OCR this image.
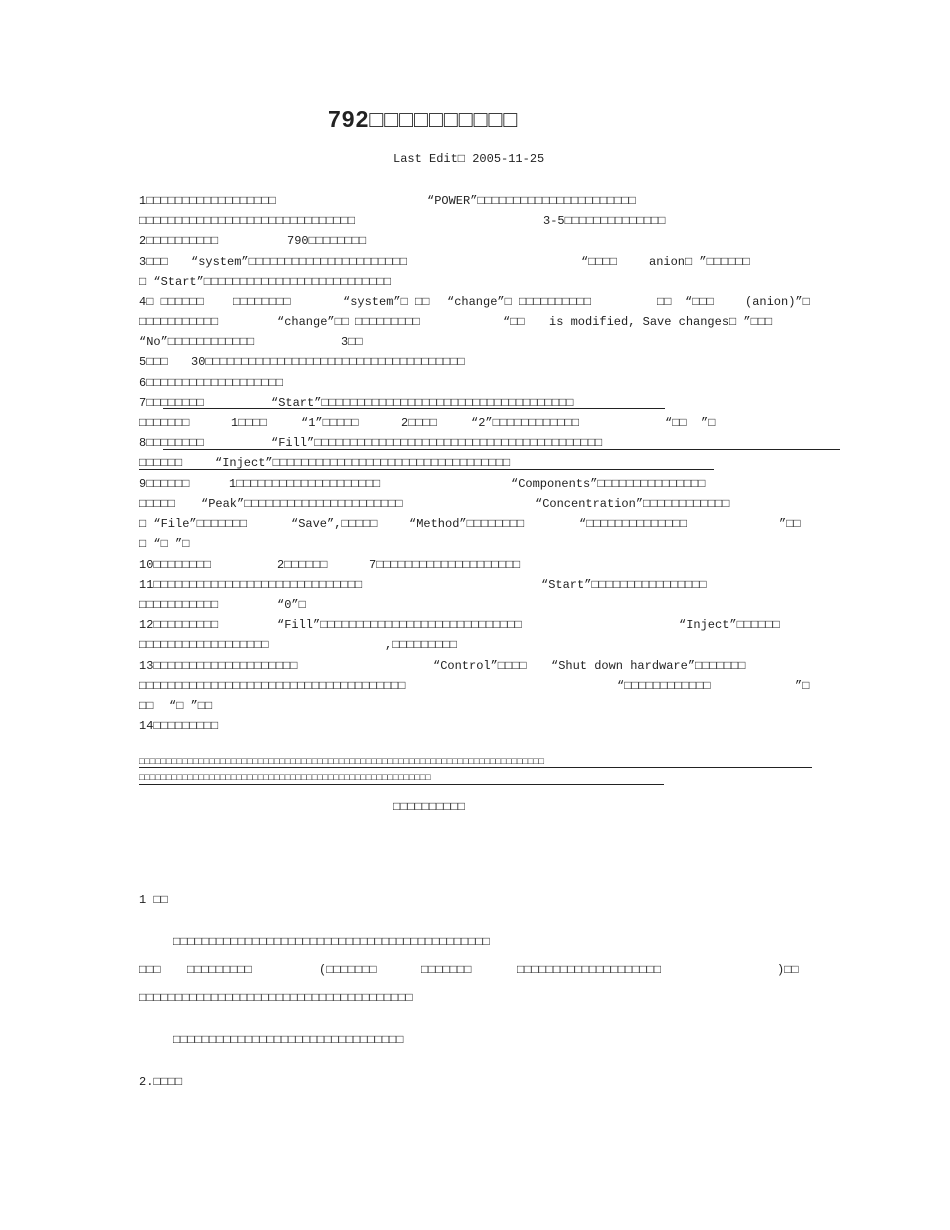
792□□□□□□□□□□
Last Edit□ 2005-11-25
1□□□□□□□□□□□□□□□□□□	“POWER”□□□□□□□□□□□□□□□□□□□□□□
□□□□□□□□□□□□□□□□□□□□□□□□□□□□□□	3-5□□□□□□□□□□□□□□
2□□□□□□□□□□	790□□□□□□□□
3□□□ “system”□□□□□□□□□□□□□□□□□□□□□□	“□□□□	anion□ ”□□□□□□
□ “Start”□□□□□□□□□□□□□□□□□□□□□□□□□□
4□ □□□□□□ □□□□□□□□	“system”□ □□ “change”□ □□□□□□□□□□	□□ “□□□	(anion)”□
□□□□□□□□□□□	“change”□□ □□□□□□□□□	“□□ is modified, Save changes□ ”□□□
“No”□□□□□□□□□□□□	3□□
5□□□ 30□□□□□□□□□□□□□□□□□□□□□□□□□□□□□□□□□□□□
6□□□□□□□□□□□□□□□□□□□
7□□□□□□□□	“Start”□□□□□□□□□□□□□□□□□□□□□□□□□□□□□□□□□□□
□□□□□□□	1□□□□	“1”□□□□□	2□□□□	“2”□□□□□□□□□□□□	“□□ ”□
8□□□□□□□□	“Fill”□□□□□□□□□□□□□□□□□□□□□□□□□□□□□□□□□□□□□□□□
□□□□□□	“Inject”□□□□□□□□□□□□□□□□□□□□□□□□□□□□□□□□□
9□□□□□□	1□□□□□□□□□□□□□□□□□□□□	“Components”□□□□□□□□□□□□□□□
□□□□□ “Peak”□□□□□□□□□□□□□□□□□□□□□□	“Concentration”□□□□□□□□□□□□
□ “File”□□□□□□□	“Save”,□□□□□	“Method”□□□□□□□□	“□□□□□□□□□□□□□□	”□□
□ “□ ”□
10□□□□□□□□	2□□□□□□	7□□□□□□□□□□□□□□□□□□□□
11□□□□□□□□□□□□□□□□□□□□□□□□□□□□□	“Start”□□□□□□□□□□□□□□□□
□□□□□□□□□□□	“0”□
12□□□□□□□□□	“Fill”□□□□□□□□□□□□□□□□□□□□□□□□□□□□	“Inject”□□□□□□
□□□□□□□□□□□□□□□□□□	,□□□□□□□□□
13□□□□□□□□□□□□□□□□□□□□	“Control”□□□□ “Shut down hardware”□□□□□□□
□□□□□□□□□□□□□□□□□□□□□□□□□□□□□□□□□□□□□	“□□□□□□□□□□□□	”□
□□ “□ ”□□
14□□□□□□□□□
□□□□□□□□□□□□□□□□□□□□□□□□□□□□□□□□□□□□□□□□□□□□□□□□□□□□□□□□□□□□□□□□□□□□□□□□□□□
□□□□□□□□□□□□□□□□□□□□□□□□□□□□□□□□□□□□□□□□□□□□□□□□□□□□□□
□□□□□□□□□□
1 □□
□□□□□□□□□□□□□□□□□□□□□□□□□□□□□□□□□□□□□□□□□□□□
□□□ □□□□□□□□□	(□□□□□□□	□□□□□□□	□□□□□□□□□□□□□□□□□□□□	)□□
□□□□□□□□□□□□□□□□□□□□□□□□□□□□□□□□□□□□□□
□□□□□□□□□□□□□□□□□□□□□□□□□□□□□□□□
2.□□□□
